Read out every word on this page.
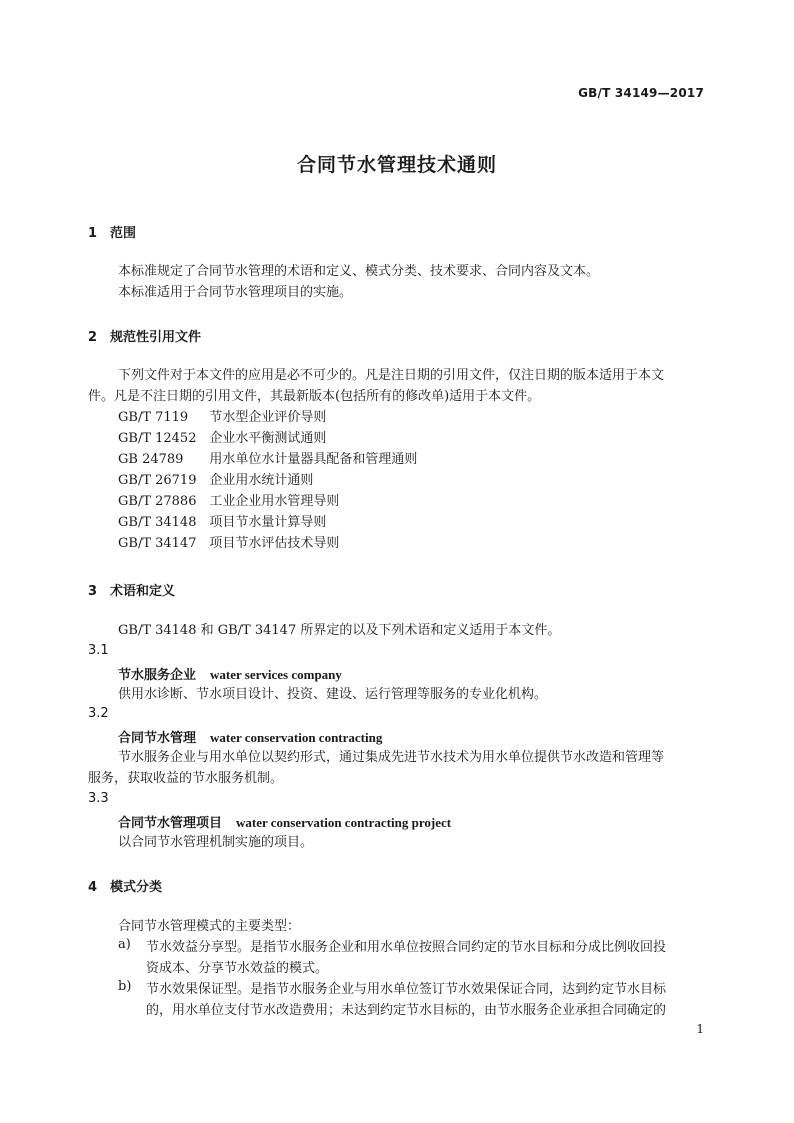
GB/T 34149—2017
合同节水管理技术通则
1 范围
本标准规定了合同节水管理的术语和定义、模式分类、技术要求、合同内容及文本。
本标准适用于合同节水管理项目的实施。
2 规范性引用文件
下列文件对于本文件的应用是必不可少的。凡是注日期的引用文件，仅注日期的版本适用于本文
件。凡是不注日期的引用文件，其最新版本(包括所有的修改单)适用于本文件。
GB/T 7119 节水型企业评价导则
GB/T 12452 企业水平衡测试通则
GB 24789 用水单位水计量器具配备和管理通则
GB/T 26719 企业用水统计通则
GB/T 27886 工业企业用水管理导则
GB/T 34148 项目节水量计算导则
GB/T 34147 项目节水评估技术导则
3 术语和定义
GB/T 34148 和 GB/T 34147 所界定的以及下列术语和定义适用于本文件。
3.1
节水服务企业 water services company
供用水诊断、节水项目设计、投资、建设、运行管理等服务的专业化机构。
3.2
合同节水管理 water conservation contracting
节水服务企业与用水单位以契约形式，通过集成先进节水技术为用水单位提供节水改造和管理等
服务，获取收益的节水服务机制。
3.3
合同节水管理项目 water conservation contracting project
以合同节水管理机制实施的项目。
4 模式分类
合同节水管理模式的主要类型：
a) 节水效益分享型。是指节水服务企业和用水单位按照合同约定的节水目标和分成比例收回投
资成本、分享节水效益的模式。
b) 节水效果保证型。是指节水服务企业与用水单位签订节水效果保证合同，达到约定节水目标
的，用水单位支付节水改造费用；未达到约定节水目标的，由节水服务企业承担合同确定的
1
